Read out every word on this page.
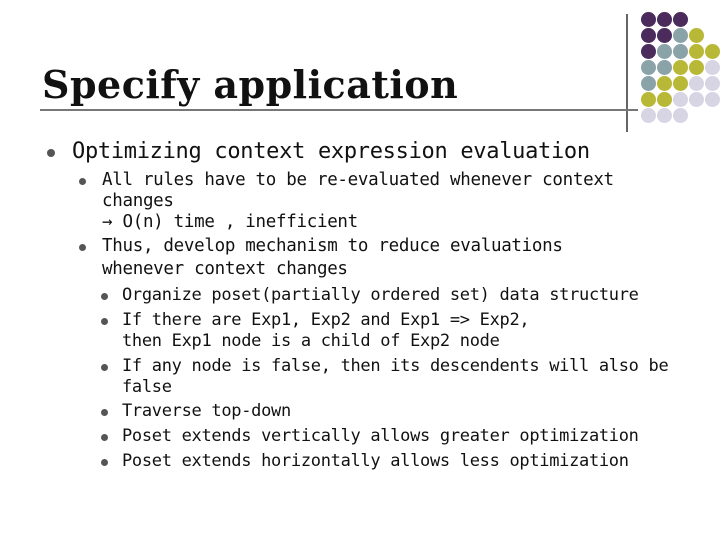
Specify application
Optimizing context expression evaluation
All rules have to be re-evaluated whenever context
changes
→ O(n) time , inefficient
Thus, develop mechanism to reduce evaluations
whenever context changes
Organize poset(partially ordered set) data structure
If there are Exp1, Exp2 and Exp1 => Exp2,
then Exp1 node is a child of Exp2 node
If any node is false, then its descendents will also be
false
Traverse top-down
Poset extends vertically allows greater optimization
Poset extends horizontally allows less optimization
